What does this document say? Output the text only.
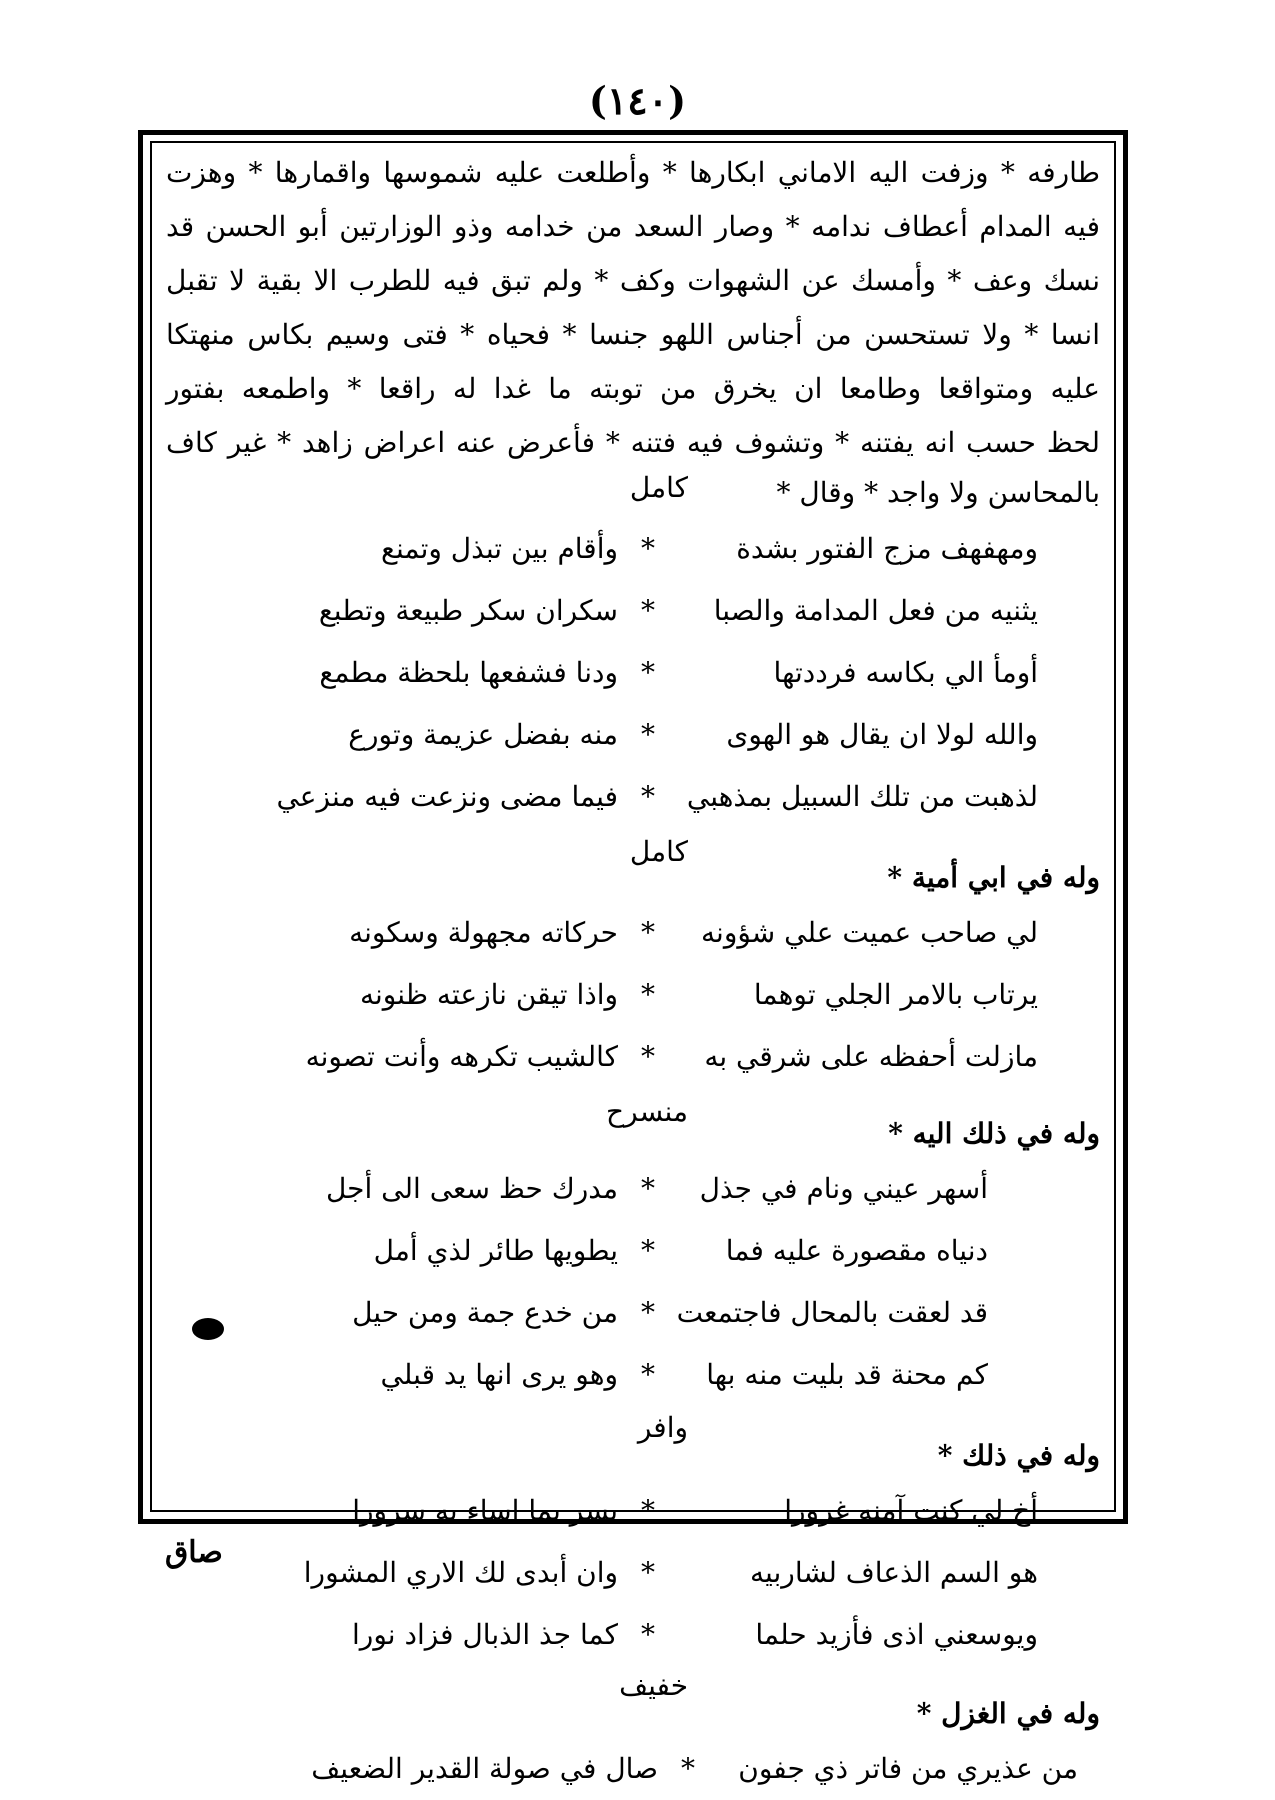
(١٤٠)
طارفه * وزفت اليه الاماني ابكارها * وأطلعت عليه شموسها واقمارها * وهزت
فيه المدام أعطاف ندامه * وصار السعد من خدامه وذو الوزارتين أبو الحسن قد
نسك وعف * وأمسك عن الشهوات وكف * ولم تبق فيه للطرب الا بقية لا تقبل
انسا * ولا تستحسن من أجناس اللهو جنسا * فحياه * فتى وسيم بكاس منهتكا
عليه ومتواقعا وطامعا ان يخرق من توبته ما غدا له راقعا * واطمعه بفتور
لحظ حسب انه يفتنه * وتشوف فيه فتنه * فأعرض عنه اعراض زاهد * غير كاف
بالمحاسن ولا واجد * وقال *
كامل
ومهفهف مزج الفتور بشدة
*
وأقام بين تبذل وتمنع
يثنيه من فعل المدامة والصبا
*
سكران سكر طبيعة وتطبع
أومأ الي بكاسه فرددتها
*
ودنا فشفعها بلحظة مطمع
والله لولا ان يقال هو الهوى
*
منه بفضل عزيمة وتورع
لذهبت من تلك السبيل بمذهبي
*
فيما مضى ونزعت فيه منزعي
كامل
وله في ابي أمية *
لي صاحب عميت علي شؤونه
*
حركاته مجهولة وسكونه
يرتاب بالامر الجلي توهما
*
واذا تيقن نازعته ظنونه
مازلت أحفظه على شرقي به
*
كالشيب تكرهه وأنت تصونه
منسرح
وله في ذلك اليه *
أسهر عيني ونام في جذل
*
مدرك حظ سعى الى أجل
دنياه مقصورة عليه فما
*
يطويها طائر لذي أمل
قد لعقت بالمحال فاجتمعت
*
من خدع جمة ومن حيل
كم محنة قد بليت منه بها
*
وهو يرى انها يد قبلي
وافر
وله في ذلك *
أخ لي كنت آمنه غرورا
*
يسر بما اساء به سرورا
هو السم الذعاف لشاربيه
*
وان أبدى لك الاري المشورا
ويوسعني اذى فأزيد حلما
*
كما جذ الذبال فزاد نورا
خفيف
وله في الغزل *
من عذيري من فاتر ذي جفون
*
صال في صولة القدير الضعيف
صاق
